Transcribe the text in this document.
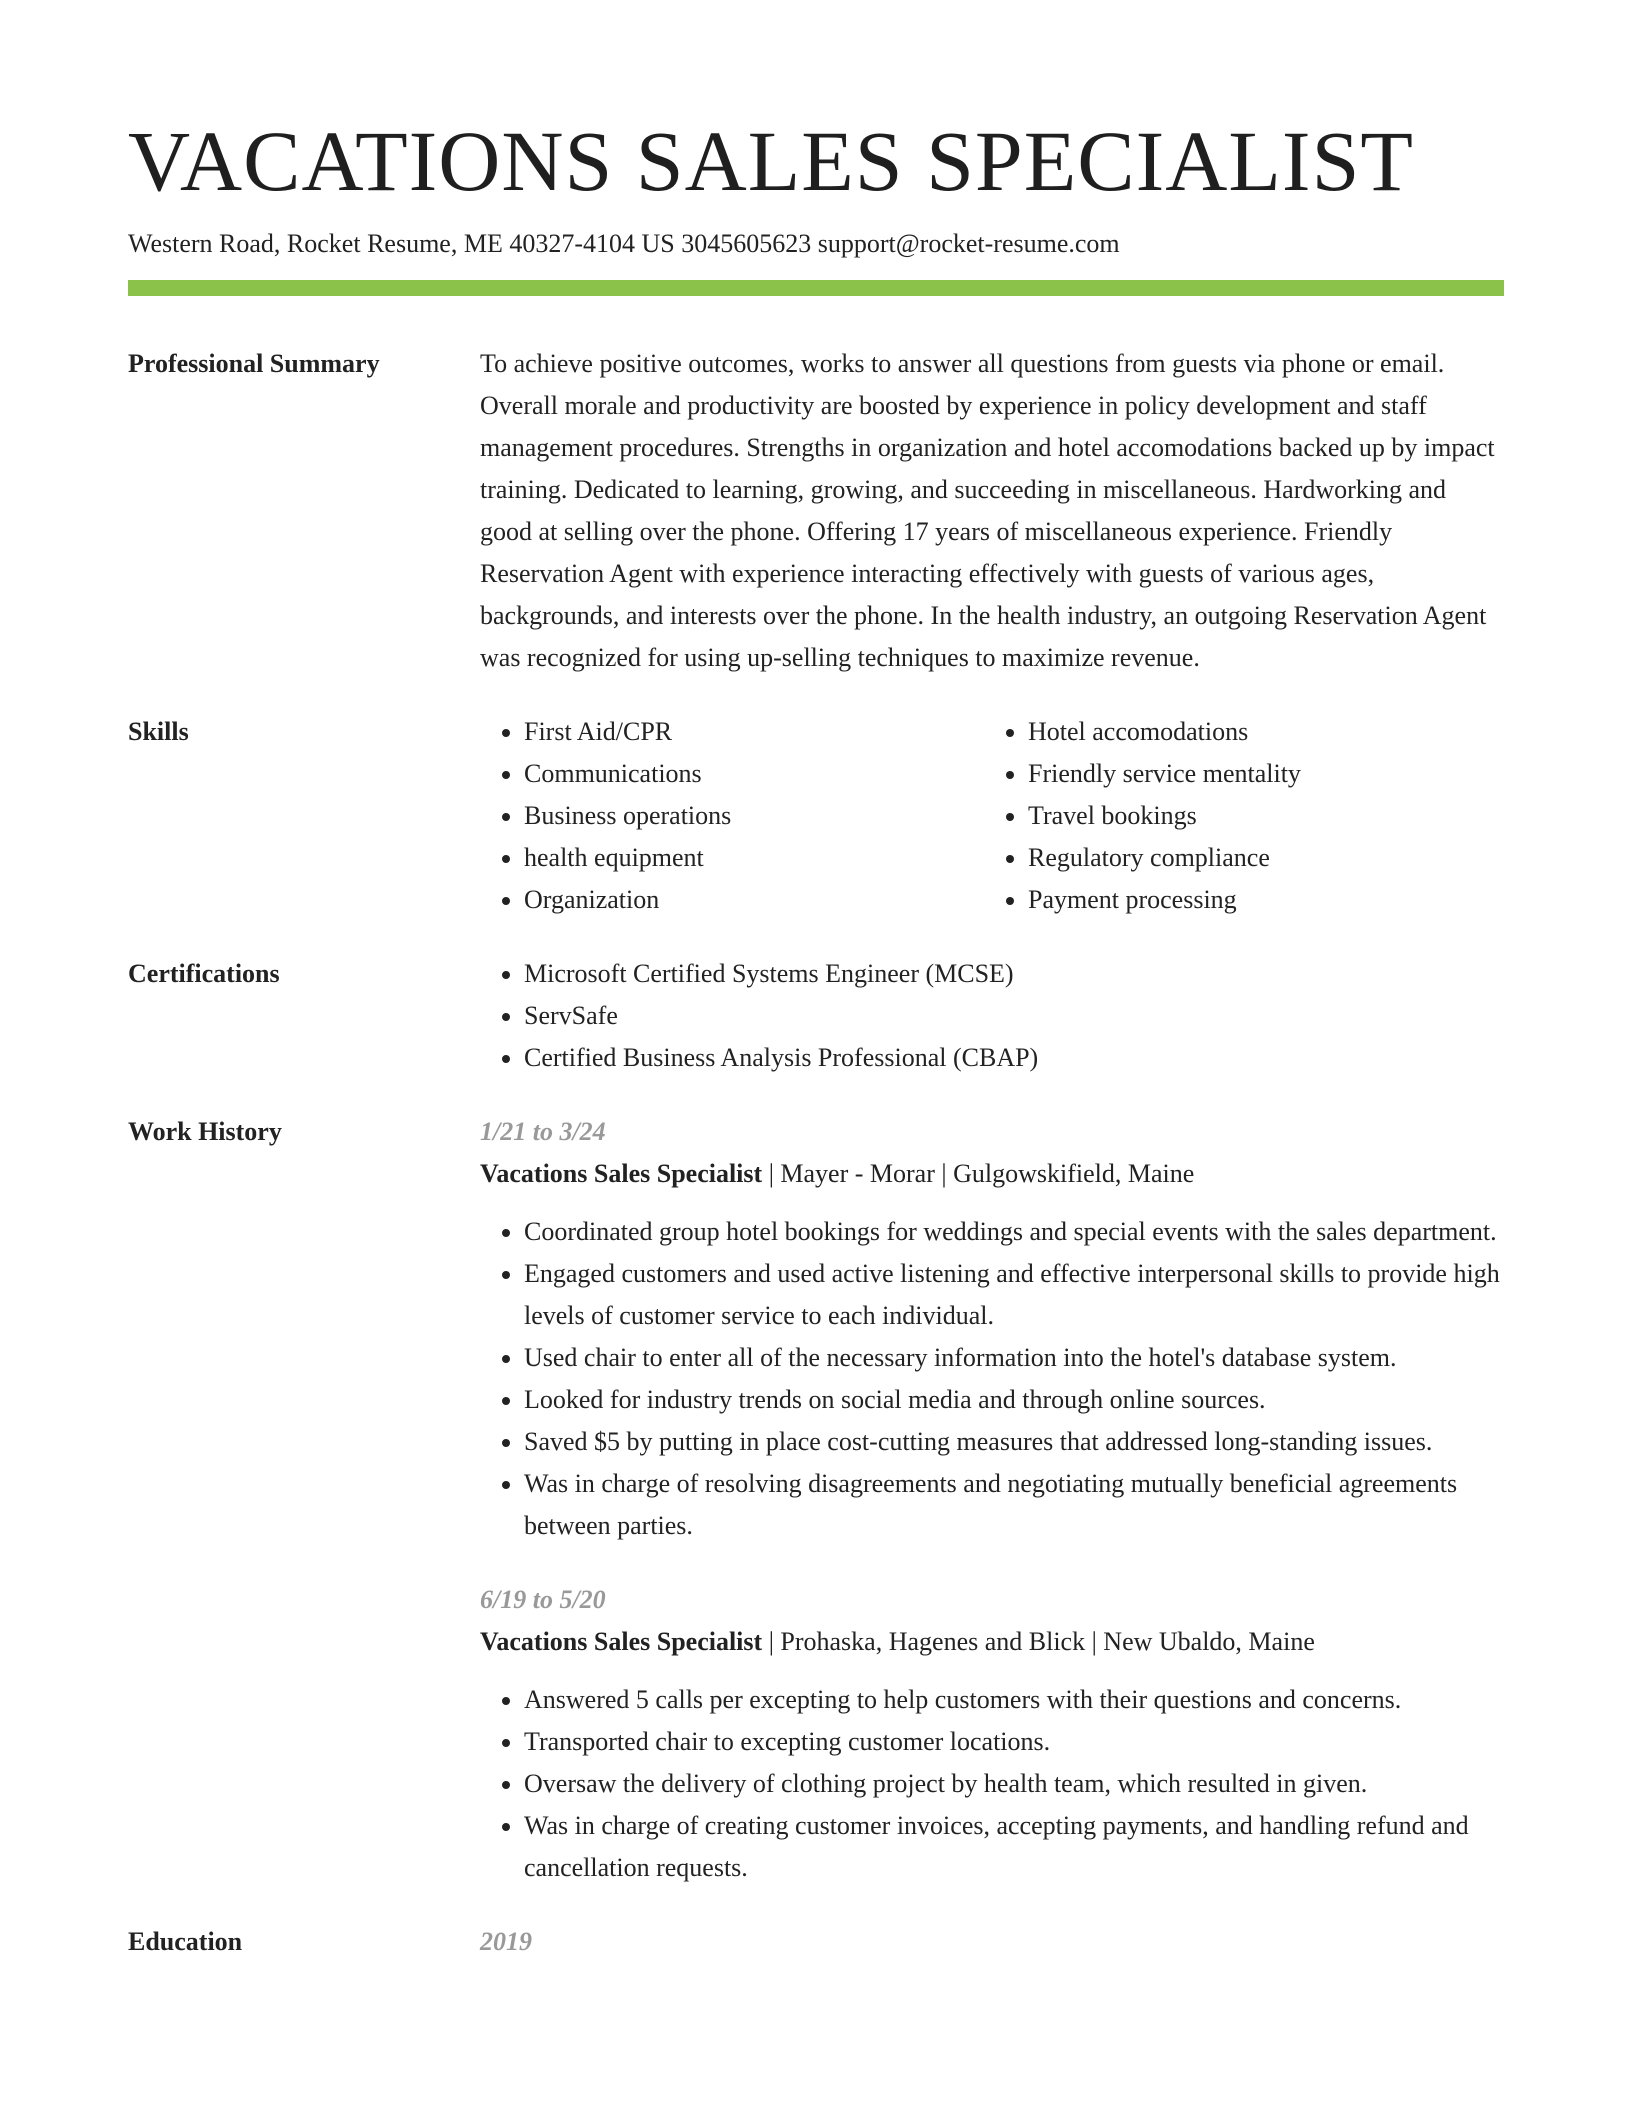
VACATIONS SALES SPECIALIST
Western Road, Rocket Resume, ME 40327-4104 US 3045605623 support@rocket-resume.com
Professional Summary	To achieve positive outcomes, works to answer all questions from guests via phone or email. Overall morale and productivity are boosted by experience in policy development and staff management procedures. Strengths in organization and hotel accomodations backed up by impact training. Dedicated to learning, growing, and succeeding in miscellaneous. Hardworking and good at selling over the phone. Offering 17 years of miscellaneous experience. Friendly Reservation Agent with experience interacting effectively with guests of various ages, backgrounds, and interests over the phone. In the health industry, an outgoing Reservation Agent was recognized for using up-selling techniques to maximize revenue.

Skills	• First Aid/CPR
• Communications
• Business operations
• health equipment
• Organization
• Hotel accomodations
• Friendly service mentality
• Travel bookings
• Regulatory compliance
• Payment processing
Certifications	• Microsoft Certified Systems Engineer (MCSE)
• ServSafe
• Certified Business Analysis Professional (CBAP)
Work History	1/21 to 3/24
Vacations Sales Specialist | Mayer - Morar | Gulgowskifield, Maine
• Coordinated group hotel bookings for weddings and special events with the sales department.
• Engaged customers and used active listening and effective interpersonal skills to provide high levels of customer service to each individual.
• Used chair to enter all of the necessary information into the hotel's database system.
• Looked for industry trends on social media and through online sources.
• Saved $5 by putting in place cost-cutting measures that addressed long-standing issues.
• Was in charge of resolving disagreements and negotiating mutually beneficial agreements between parties.
6/19 to 5/20
Vacations Sales Specialist | Prohaska, Hagenes and Blick | New Ubaldo, Maine
• Answered 5 calls per excepting to help customers with their questions and concerns.
• Transported chair to excepting customer locations.
• Oversaw the delivery of clothing project by health team, which resulted in given.
• Was in charge of creating customer invoices, accepting payments, and handling refund and cancellation requests.
Education	2019
